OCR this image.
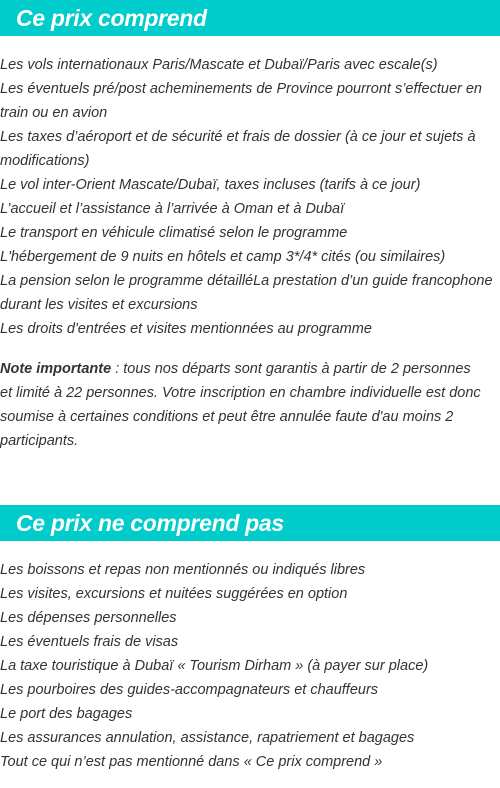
Ce prix comprend
Les vols internationaux Paris/Mascate et Dubaï/Paris avec escale(s)
Les éventuels pré/post acheminements de Province pourront s’effectuer en train ou en avion
Les taxes d’aéroport et de sécurité et frais de dossier (à ce jour et sujets à modifications)
Le vol inter-Orient Mascate/Dubaï, taxes incluses (tarifs à ce jour)
L’accueil et l’assistance à l’arrivée à Oman et à Dubaï
Le transport en véhicule climatisé selon le programme
L'hébergement de 9 nuits en hôtels et camp 3*/4* cités (ou similaires)
La pension selon le programme détailléLa prestation d’un guide francophone durant les visites et excursions
Les droits d'entrées et visites mentionnées au programme

Note importante : tous nos départs sont garantis à partir de 2 personnes et limité à 22 personnes. Votre inscription en chambre individuelle est donc soumise à certaines conditions et peut être annulée faute d'au moins 2 participants.

Ce prix ne comprend pas
Les boissons et repas non mentionnés ou indiqués libres
Les visites, excursions et nuitées suggérées en option
Les dépenses personnelles
Les éventuels frais de visas
La taxe touristique à Dubaï « Tourism Dirham » (à payer sur place)
Les pourboires des guides-accompagnateurs et chauffeurs
Le port des bagages
Les assurances annulation, assistance, rapatriement et bagages
Tout ce qui n’est pas mentionné dans « Ce prix comprend »
